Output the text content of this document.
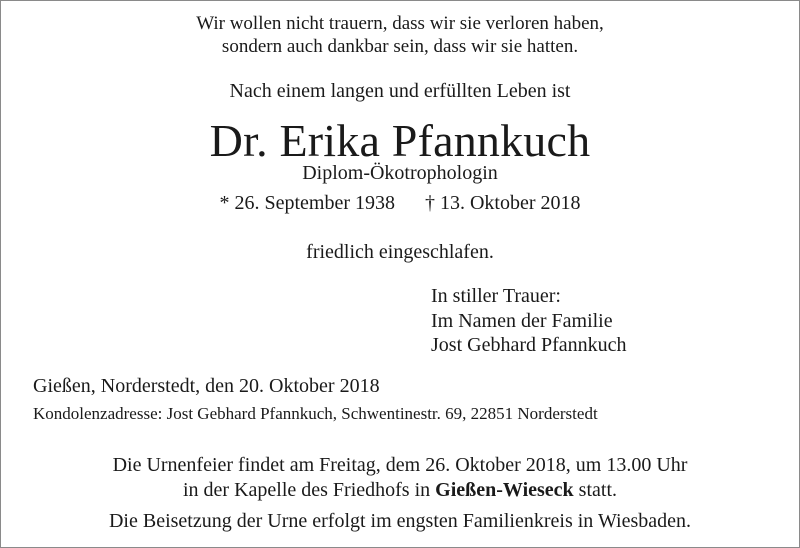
Wir wollen nicht trauern, dass wir sie verloren haben,
sondern auch dankbar sein, dass wir sie hatten.
Nach einem langen und erfüllten Leben ist
Dr. Erika Pfannkuch
Diplom-Ökotrophologin
* 26. September 1938 † 13. Oktober 2018
friedlich eingeschlafen.
In stiller Trauer:
Im Namen der Familie
Jost Gebhard Pfannkuch
Gießen, Norderstedt, den 20. Oktober 2018
Kondolenzadresse: Jost Gebhard Pfannkuch, Schwentinestr. 69, 22851 Norderstedt
Die Urnenfeier findet am Freitag, dem 26. Oktober 2018, um 13.00 Uhr
in der Kapelle des Friedhofs in Gießen-Wieseck statt.
Die Beisetzung der Urne erfolgt im engsten Familienkreis in Wiesbaden.
